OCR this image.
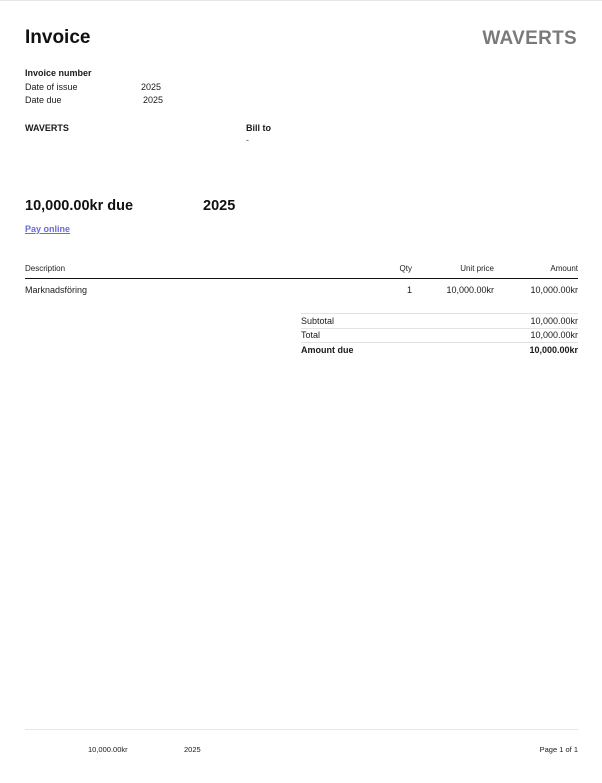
Invoice	WAVERTS
Invoice number
Date of issue	2025
Date due	2025
WAVERTS	Bill to
-
10,000.00kr due	2025
Pay online
Description	Qty	Unit price	Amount
Marknadsföring	1	10,000.00kr	10,000.00kr
Subtotal	10,000.00kr
Total	10,000.00kr
Amount due	10,000.00kr
10,000.00kr	2025	Page 1 of 1
